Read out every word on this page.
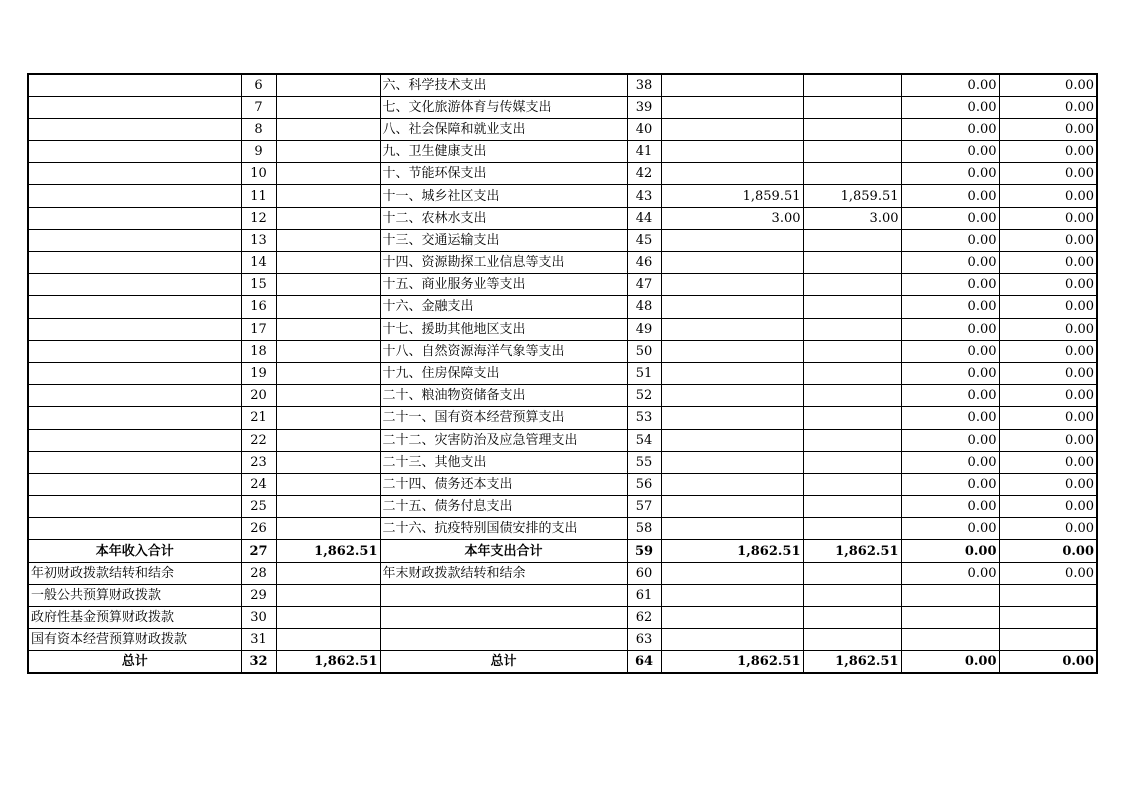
	6		六、科学技术支出	38			0.00	0.00
	7		七、文化旅游体育与传媒支出	39			0.00	0.00
	8		八、社会保障和就业支出	40			0.00	0.00
	9		九、卫生健康支出	41			0.00	0.00
	10		十、节能环保支出	42			0.00	0.00
	11		十一、城乡社区支出	43	1,859.51	1,859.51	0.00	0.00
	12		十二、农林水支出	44	3.00	3.00	0.00	0.00
	13		十三、交通运输支出	45			0.00	0.00
	14		十四、资源勘探工业信息等支出	46			0.00	0.00
	15		十五、商业服务业等支出	47			0.00	0.00
	16		十六、金融支出	48			0.00	0.00
	17		十七、援助其他地区支出	49			0.00	0.00
	18		十八、自然资源海洋气象等支出	50			0.00	0.00
	19		十九、住房保障支出	51			0.00	0.00
	20		二十、粮油物资储备支出	52			0.00	0.00
	21		二十一、国有资本经营预算支出	53			0.00	0.00
	22		二十二、灾害防治及应急管理支出	54			0.00	0.00
	23		二十三、其他支出	55			0.00	0.00
	24		二十四、债务还本支出	56			0.00	0.00
	25		二十五、债务付息支出	57			0.00	0.00
	26		二十六、抗疫特别国债安排的支出	58			0.00	0.00
本年收入合计	27	1,862.51	本年支出合计	59	1,862.51	1,862.51	0.00	0.00
年初财政拨款结转和结余	28		年末财政拨款结转和结余	60			0.00	0.00
一般公共预算财政拨款	29			61				
政府性基金预算财政拨款	30			62				
国有资本经营预算财政拨款	31			63				
总计	32	1,862.51	总计	64	1,862.51	1,862.51	0.00	0.00
